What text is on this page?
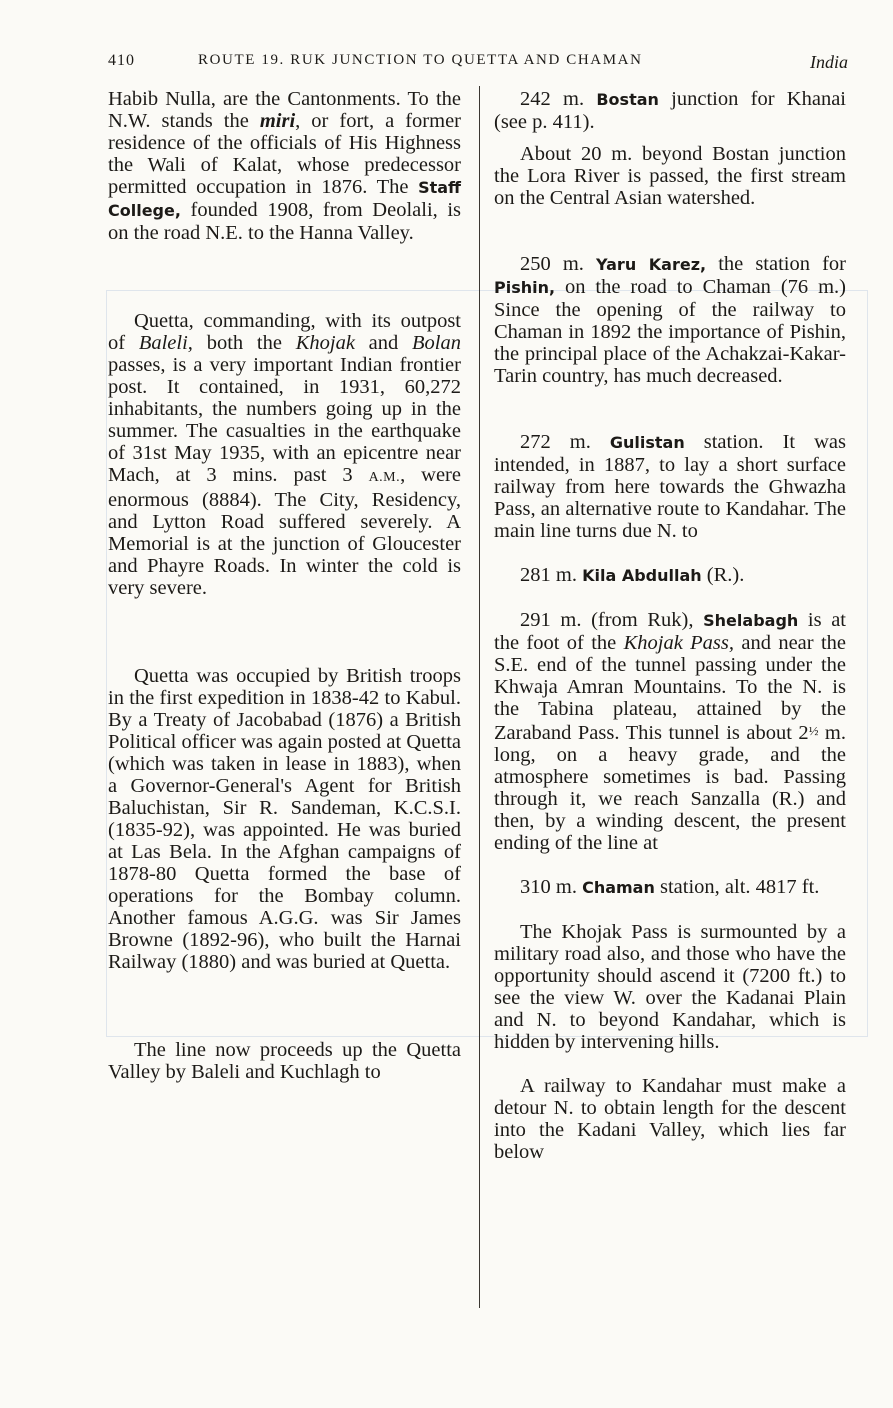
410	ROUTE 19. RUK JUNCTION TO QUETTA AND CHAMAN	India

Habib Nulla, are the Cantonments. To the N.W. stands the miri, or fort, a former residence of the officials of His Highness the Wali of Kalat, whose predecessor permitted occupation in 1876. The Staff College, founded 1908, from Deolali, is on the road N.E. to the Hanna Valley.

Quetta, commanding, with its outpost of Baleli, both the Khojak and Bolan passes, is a very important Indian frontier post. It contained, in 1931, 60,272 inhabitants, the numbers going up in the summer. The casualties in the earthquake of 31st May 1935, with an epicentre near Mach, at 3 mins. past 3 A.M., were enormous (8884). The City, Residency, and Lytton Road suffered severely. A Memorial is at the junction of Gloucester and Phayre Roads. In winter the cold is very severe.

Quetta was occupied by British troops in the first expedition in 1838-42 to Kabul. By a Treaty of Jacobabad (1876) a British Political officer was again posted at Quetta (which was taken in lease in 1883), when a Governor-General's Agent for British Baluchistan, Sir R. Sandeman, K.C.S.I. (1835-92), was appointed. He was buried at Las Bela. In the Afghan campaigns of 1878-80 Quetta formed the base of operations for the Bombay column. Another famous A.G.G. was Sir James Browne (1892-96), who built the Harnai Railway (1880) and was buried at Quetta.

The line now proceeds up the Quetta Valley by Baleli and Kuchlagh to

242 m. Bostan junction for Khanai (see p. 411).

About 20 m. beyond Bostan junction the Lora River is passed, the first stream on the Central Asian watershed.

250 m. Yaru Karez, the station for Pishin, on the road to Chaman (76 m.) Since the opening of the railway to Chaman in 1892 the importance of Pishin, the principal place of the Achakzai-Kakar-Tarin country, has much decreased.

272 m. Gulistan station. It was intended, in 1887, to lay a short surface railway from here towards the Ghwazha Pass, an alternative route to Kandahar. The main line turns due N. to

281 m. Kila Abdullah (R.).

291 m. (from Ruk), Shelabagh is at the foot of the Khojak Pass, and near the S.E. end of the tunnel passing under the Khwaja Amran Mountains. To the N. is the Tabina plateau, attained by the Zaraband Pass. This tunnel is about 2½ m. long, on a heavy grade, and the atmosphere sometimes is bad. Passing through it, we reach Sanzalla (R.) and then, by a winding descent, the present ending of the line at

310 m. Chaman station, alt. 4817 ft.

The Khojak Pass is surmounted by a military road also, and those who have the opportunity should ascend it (7200 ft.) to see the view W. over the Kadanai Plain and N. to beyond Kandahar, which is hidden by intervening hills.

A railway to Kandahar must make a detour N. to obtain length for the descent into the Kadani Valley, which lies far below
